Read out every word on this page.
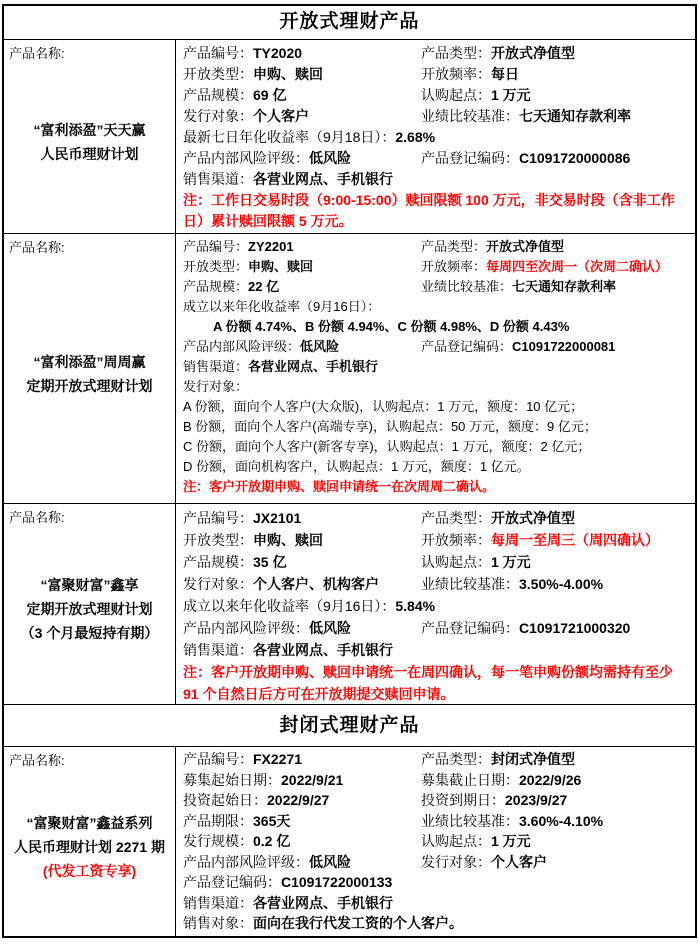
开放式理财产品
产品名称:
“富利添盈”天天赢
人民币理财计划
产品编号：TY2020	产品类型：开放式净值型
开放类型：申购、赎回	开放频率：每日
产品规模：69 亿	认购起点：1 万元
发行对象：个人客户	业绩比较基准：七天通知存款利率
最新七日年化收益率（9月18日）： 2.68%
产品内部风险评级：低风险	产品登记编码：C1091720000086
销售渠道： 各营业网点、手机银行
注：工作日交易时段（9:00-15:00）赎回限额 100 万元，非交易时段（含非工作日）累计赎回限额 5 万元。
产品名称:
“富利添盈”周周赢
定期开放式理财计划
产品编号：ZY2201	产品类型：开放式净值型
开放类型：申购、赎回	开放频率：每周四至次周一（次周二确认）
产品规模：22 亿	业绩比较基准：七天通知存款利率
成立以来年化收益率（9月16日）：
A 份额 4.74%、B 份额 4.94%、C 份额 4.98%、D 份额 4.43%
产品内部风险评级：低风险	产品登记编码：C1091722000081
销售渠道： 各营业网点、手机银行
发行对象：
A 份额，面向个人客户(大众版)，认购起点：1 万元，额度：10 亿元；
B 份额，面向个人客户(高端专享)，认购起点：50 万元，额度：9 亿元；
C 份额，面向个人客户(新客专享)，认购起点：1 万元，额度：2 亿元；
D 份额，面向机构客户，认购起点：1 万元，额度：1 亿元。
注：客户开放期申购、赎回申请统一在次周周二确认。
产品名称:
“富聚财富”鑫享
定期开放式理财计划
（3 个月最短持有期）
产品编号：JX2101	产品类型：开放式净值型
开放类型：申购、赎回	开放频率：每周一至周三（周四确认）
产品规模：35 亿	认购起点：1 万元
发行对象：个人客户、机构客户	业绩比较基准：3.50%-4.00%
成立以来年化收益率（9月16日）： 5.84%
产品内部风险评级：低风险	产品登记编码：C1091721000320
销售渠道： 各营业网点、手机银行
注：客户开放期申购、赎回申请统一在周四确认，每一笔申购份额均需持有至少 91 个自然日后方可在开放期提交赎回申请。
封闭式理财产品
产品名称:
“富聚财富”鑫益系列
人民币理财计划 2271 期
(代发工资专享)
产品编号：FX2271	产品类型：封闭式净值型
募集起始日期：2022/9/21	募集截止日期：2022/9/26
投资起始日：2022/9/27	投资到期日：2023/9/27
产品期限：365天	业绩比较基准：3.60%-4.10%
发行规模：0.2 亿	认购起点：1 万元
产品内部风险评级：低风险	发行对象：个人客户
产品登记编码： C1091722000133
销售渠道： 各营业网点、手机银行
销售对象： 面向在我行代发工资的个人客户。
